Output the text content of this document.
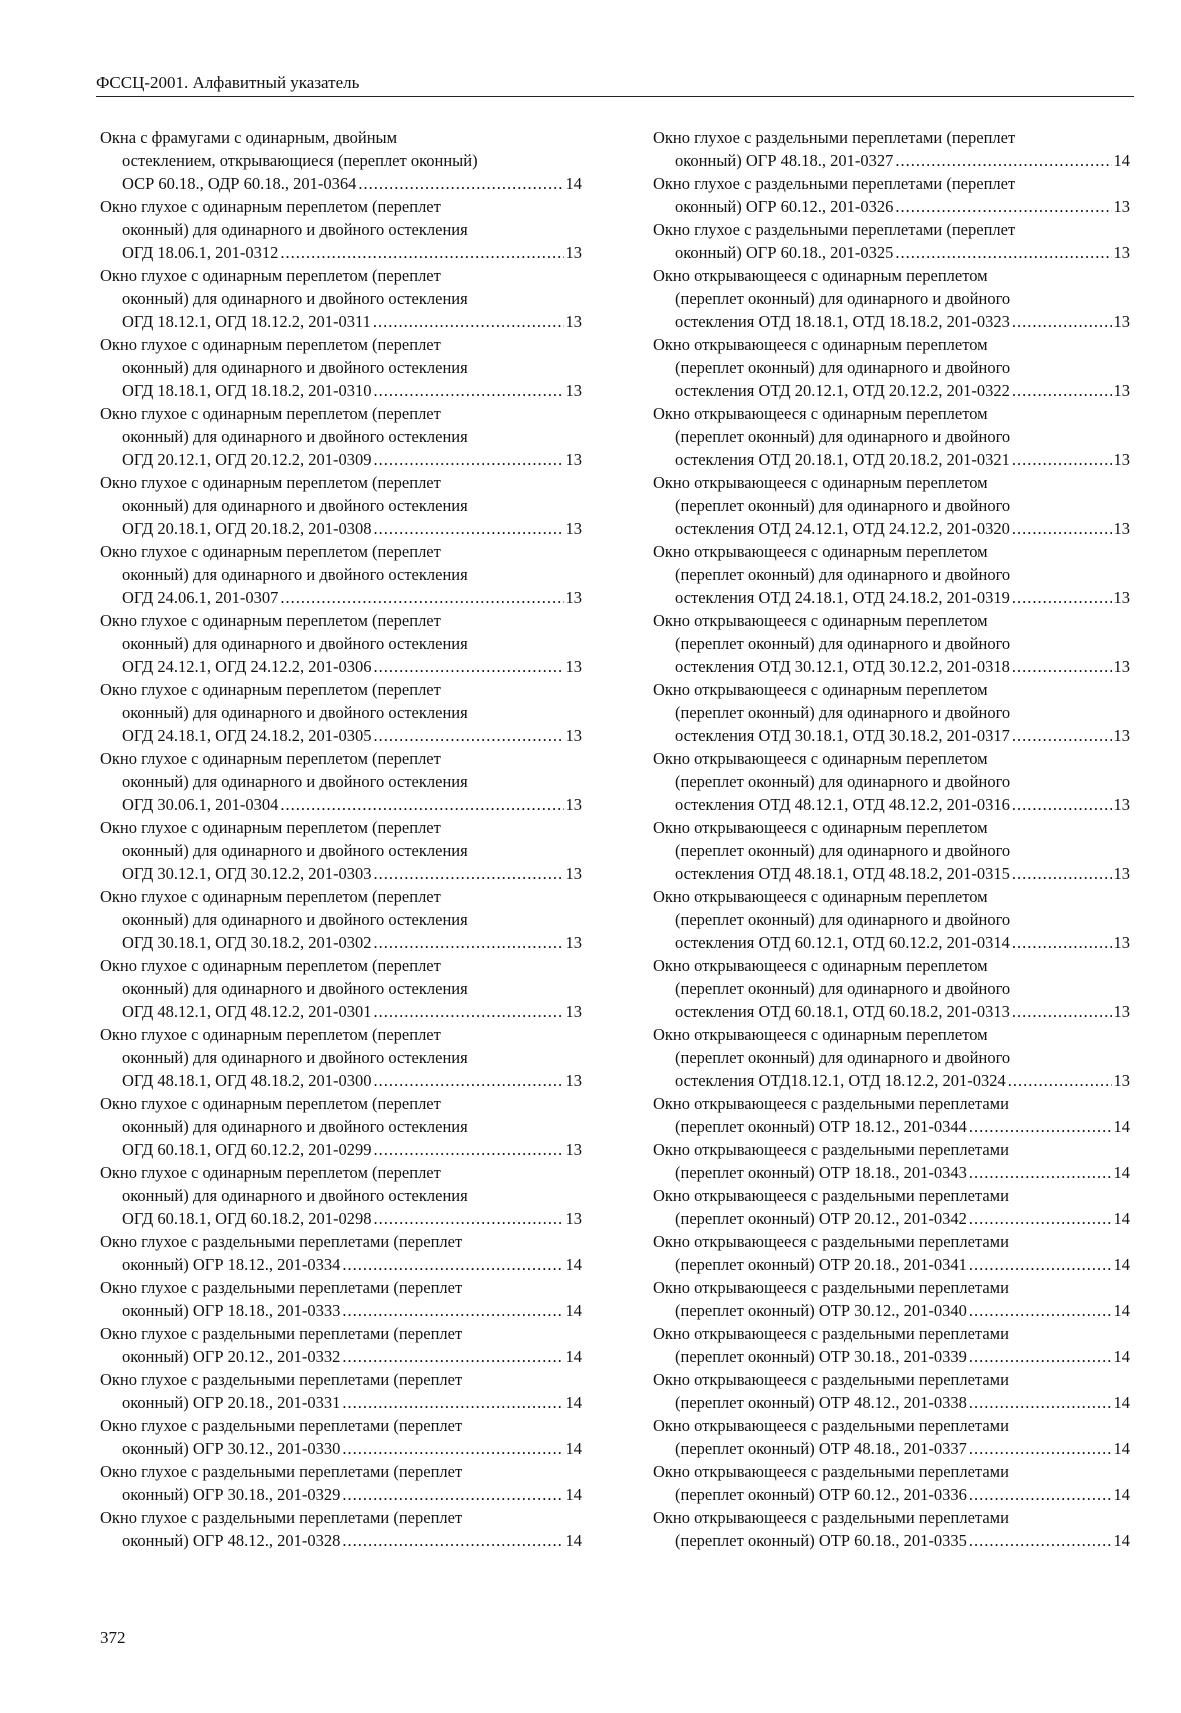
ФССЦ-2001. Алфавитный указатель
Окна с фрамугами с одинарным, двойным
остеклением, открывающиеся (переплет оконный)
ОСР 60.18., ОДР 60.18., 201-0364 .....	14
Окно глухое с одинарным переплетом (переплет
оконный) для одинарного и двойного остекления
ОГД 18.06.1, 201-0312 .....	13
Окно глухое с одинарным переплетом (переплет
оконный) для одинарного и двойного остекления
ОГД 18.12.1, ОГД 18.12.2, 201-0311 .....	13
Окно глухое с одинарным переплетом (переплет
оконный) для одинарного и двойного остекления
ОГД 18.18.1, ОГД 18.18.2, 201-0310 .....	13
Окно глухое с одинарным переплетом (переплет
оконный) для одинарного и двойного остекления
ОГД 20.12.1, ОГД 20.12.2, 201-0309 .....	13
Окно глухое с одинарным переплетом (переплет
оконный) для одинарного и двойного остекления
ОГД 20.18.1, ОГД 20.18.2, 201-0308 .....	13
Окно глухое с одинарным переплетом (переплет
оконный) для одинарного и двойного остекления
ОГД 24.06.1, 201-0307 .....	13
Окно глухое с одинарным переплетом (переплет
оконный) для одинарного и двойного остекления
ОГД 24.12.1, ОГД 24.12.2, 201-0306 .....	13
Окно глухое с одинарным переплетом (переплет
оконный) для одинарного и двойного остекления
ОГД 24.18.1, ОГД 24.18.2, 201-0305 .....	13
Окно глухое с одинарным переплетом (переплет
оконный) для одинарного и двойного остекления
ОГД 30.06.1, 201-0304 .....	13
Окно глухое с одинарным переплетом (переплет
оконный) для одинарного и двойного остекления
ОГД 30.12.1, ОГД 30.12.2, 201-0303 .....	13
Окно глухое с одинарным переплетом (переплет
оконный) для одинарного и двойного остекления
ОГД 30.18.1, ОГД 30.18.2, 201-0302 .....	13
Окно глухое с одинарным переплетом (переплет
оконный) для одинарного и двойного остекления
ОГД 48.12.1, ОГД 48.12.2, 201-0301 .....	13
Окно глухое с одинарным переплетом (переплет
оконный) для одинарного и двойного остекления
ОГД 48.18.1, ОГД 48.18.2, 201-0300 .....	13
Окно глухое с одинарным переплетом (переплет
оконный) для одинарного и двойного остекления
ОГД 60.18.1, ОГД 60.12.2, 201-0299 .....	13
Окно глухое с одинарным переплетом (переплет
оконный) для одинарного и двойного остекления
ОГД 60.18.1, ОГД 60.18.2, 201-0298 .....	13
Окно глухое с раздельными переплетами (переплет
оконный) ОГР 18.12., 201-0334 .....	14
Окно глухое с раздельными переплетами (переплет
оконный) ОГР 18.18., 201-0333 .....	14
Окно глухое с раздельными переплетами (переплет
оконный) ОГР 20.12., 201-0332 .....	14
Окно глухое с раздельными переплетами (переплет
оконный) ОГР 20.18., 201-0331 .....	14
Окно глухое с раздельными переплетами (переплет
оконный) ОГР 30.12., 201-0330 .....	14
Окно глухое с раздельными переплетами (переплет
оконный) ОГР 30.18., 201-0329 .....	14
Окно глухое с раздельными переплетами (переплет
оконный) ОГР 48.12., 201-0328 .....	14
Окно глухое с раздельными переплетами (переплет
оконный) ОГР 48.18., 201-0327 .....	14
Окно глухое с раздельными переплетами (переплет
оконный) ОГР 60.12., 201-0326 .....	13
Окно глухое с раздельными переплетами (переплет
оконный) ОГР 60.18., 201-0325 .....	13
Окно открывающееся с одинарным переплетом
(переплет оконный) для одинарного и двойного
остекления ОТД 18.18.1, ОТД 18.18.2, 201-0323 .....	13
Окно открывающееся с одинарным переплетом
(переплет оконный) для одинарного и двойного
остекления ОТД 20.12.1, ОТД 20.12.2, 201-0322 .....	13
Окно открывающееся с одинарным переплетом
(переплет оконный) для одинарного и двойного
остекления ОТД 20.18.1, ОТД 20.18.2, 201-0321 .....	13
Окно открывающееся с одинарным переплетом
(переплет оконный) для одинарного и двойного
остекления ОТД 24.12.1, ОТД 24.12.2, 201-0320 .....	13
Окно открывающееся с одинарным переплетом
(переплет оконный) для одинарного и двойного
остекления ОТД 24.18.1, ОТД 24.18.2, 201-0319 .....	13
Окно открывающееся с одинарным переплетом
(переплет оконный) для одинарного и двойного
остекления ОТД 30.12.1, ОТД 30.12.2, 201-0318 .....	13
Окно открывающееся с одинарным переплетом
(переплет оконный) для одинарного и двойного
остекления ОТД 30.18.1, ОТД 30.18.2, 201-0317 .....	13
Окно открывающееся с одинарным переплетом
(переплет оконный) для одинарного и двойного
остекления ОТД 48.12.1, ОТД 48.12.2, 201-0316 .....	13
Окно открывающееся с одинарным переплетом
(переплет оконный) для одинарного и двойного
остекления ОТД 48.18.1, ОТД 48.18.2, 201-0315 .....	13
Окно открывающееся с одинарным переплетом
(переплет оконный) для одинарного и двойного
остекления ОТД 60.12.1, ОТД 60.12.2, 201-0314 .....	13
Окно открывающееся с одинарным переплетом
(переплет оконный) для одинарного и двойного
остекления ОТД 60.18.1, ОТД 60.18.2, 201-0313 .....	13
Окно открывающееся с одинарным переплетом
(переплет оконный) для одинарного и двойного
остекления ОТД18.12.1, ОТД 18.12.2, 201-0324 .....	13
Окно открывающееся с раздельными переплетами
(переплет оконный) ОТР 18.12., 201-0344 .....	14
Окно открывающееся с раздельными переплетами
(переплет оконный) ОТР 18.18., 201-0343 .....	14
Окно открывающееся с раздельными переплетами
(переплет оконный) ОТР 20.12., 201-0342 .....	14
Окно открывающееся с раздельными переплетами
(переплет оконный) ОТР 20.18., 201-0341 .....	14
Окно открывающееся с раздельными переплетами
(переплет оконный) ОТР 30.12., 201-0340 .....	14
Окно открывающееся с раздельными переплетами
(переплет оконный) ОТР 30.18., 201-0339 .....	14
Окно открывающееся с раздельными переплетами
(переплет оконный) ОТР 48.12., 201-0338 .....	14
Окно открывающееся с раздельными переплетами
(переплет оконный) ОТР 48.18., 201-0337 .....	14
Окно открывающееся с раздельными переплетами
(переплет оконный) ОТР 60.12., 201-0336 .....	14
Окно открывающееся с раздельными переплетами
(переплет оконный) ОТР 60.18., 201-0335 .....	14
372
